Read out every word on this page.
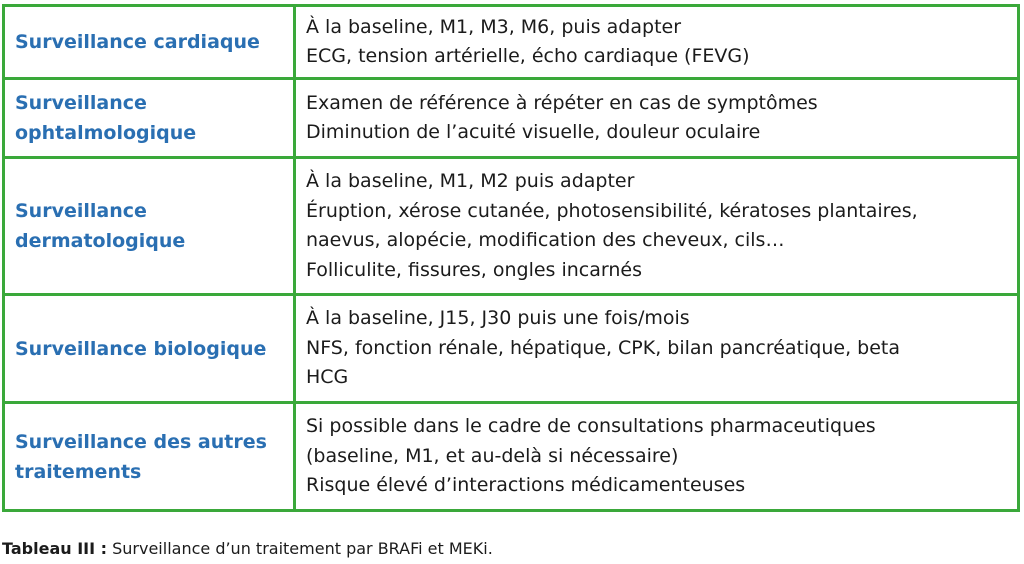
Surveillance cardiaque	À la baseline, M1, M3, M6, puis adapter
ECG, tension artérielle, écho cardiaque (FEVG)

Surveillance ophtalmologique	Examen de référence à répéter en cas de symptômes
Diminution de l’acuité visuelle, douleur oculaire

Surveillance dermatologique	À la baseline, M1, M2 puis adapter
Éruption, xérose cutanée, photosensibilité, kératoses plantaires,
naevus, alopécie, modification des cheveux, cils…
Folliculite, fissures, ongles incarnés

Surveillance biologique	À la baseline, J15, J30 puis une fois/mois
NFS, fonction rénale, hépatique, CPK, bilan pancréatique, beta
HCG

Surveillance des autres traitements	Si possible dans le cadre de consultations pharmaceutiques
(baseline, M1, et au-delà si nécessaire)
Risque élevé d’interactions médicamenteuses
Tableau III : Surveillance d’un traitement par BRAFi et MEKi.
